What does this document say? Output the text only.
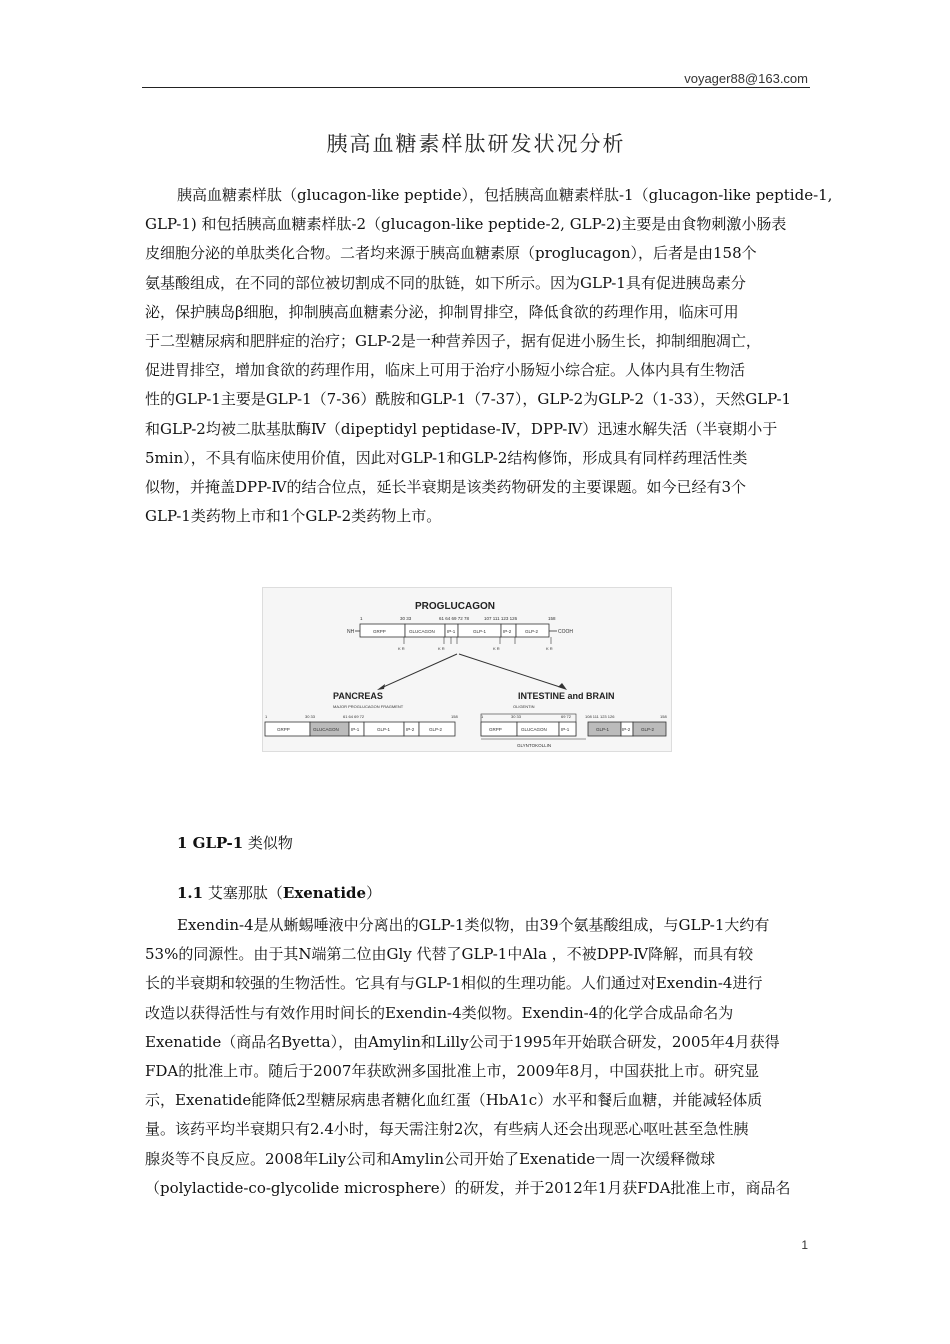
voyager88@163.com
胰高血糖素样肽研发状况分析

胰高血糖素样肽（glucagon-like peptide），包括胰高血糖素样肽-1（glucagon-like peptide-1,
GLP-1) 和包括胰高血糖素样肽-2（glucagon-like peptide-2, GLP-2)主要是由食物刺激小肠表
皮细胞分泌的单肽类化合物。二者均来源于胰高血糖素原（proglucagon），后者是由158个
氨基酸组成，在不同的部位被切割成不同的肽链，如下所示。因为GLP-1具有促进胰岛素分
泌，保护胰岛β细胞，抑制胰高血糖素分泌，抑制胃排空，降低食欲的药理作用，临床可用
于二型糖尿病和肥胖症的治疗；GLP-2是一种营养因子，据有促进小肠生长，抑制细胞凋亡，
促进胃排空，增加食欲的药理作用，临床上可用于治疗小肠短小综合症。人体内具有生物活
性的GLP-1主要是GLP-1（7-36）酰胺和GLP-1（7-37），GLP-2为GLP-2（1-33），天然GLP-1
和GLP-2均被二肽基肽酶Ⅳ（dipeptidyl peptidase-Ⅳ，DPP-Ⅳ）迅速水解失活（半衰期小于
5min），不具有临床使用价值，因此对GLP-1和GLP-2结构修饰，形成具有同样药理活性类
似物，并掩盖DPP-Ⅳ的结合位点，延长半衰期是该类药物研发的主要课题。如今已经有3个
GLP-1类药物上市和1个GLP-2类药物上市。

PROGLUCAGON
1	30 33	61 64 69 72 78	107 111 123 126	158
NH	COOH
GRPP	GLUCAGON	IP-1	GLP-1	IP-2	GLP-2
K R	K R	K R	K R
PANCREAS	INTESTINE and BRAIN
MAJOR PROGLUCAGON FRAGMENT	OLIGENTIN
1	30 33	61 64 69 72	158
GRPP	GLUCAGON	IP-1	GLP-1	IP-2	GLP-2
1	30 33	69 72	108 111 123 126	158
GRPP	GLUCAGON	IP-1	GLP-1	IP-2 GLP-2
GLYNTOKOLLIN
1 GLP-1 类似物
1.1 艾塞那肽（Exenatide）

Exendin-4是从蜥蜴唾液中分离出的GLP-1类似物，由39个氨基酸组成，与GLP-1大约有
53%的同源性。由于其N端第二位由Gly 代替了GLP-1中Ala ，不被DPP-Ⅳ降解，而具有较
长的半衰期和较强的生物活性。它具有与GLP-1相似的生理功能。人们通过对Exendin-4进行
改造以获得活性与有效作用时间长的Exendin-4类似物。Exendin-4的化学合成品命名为
Exenatide（商品名Byetta），由Amylin和Lilly公司于1995年开始联合研发，2005年4月获得
FDA的批准上市。随后于2007年获欧洲多国批准上市，2009年8月，中国获批上市。研究显
示，Exenatide能降低2型糖尿病患者糖化血红蛋（HbA1c）水平和餐后血糖，并能减轻体质
量。该药平均半衰期只有2.4小时，每天需注射2次，有些病人还会出现恶心呕吐甚至急性胰
腺炎等不良反应。2008年Lily公司和Amylin公司开始了Exenatide一周一次缓释微球
（polylactide-co-glycolide microsphere）的研发，并于2012年1月获FDA批准上市，商品名

1
